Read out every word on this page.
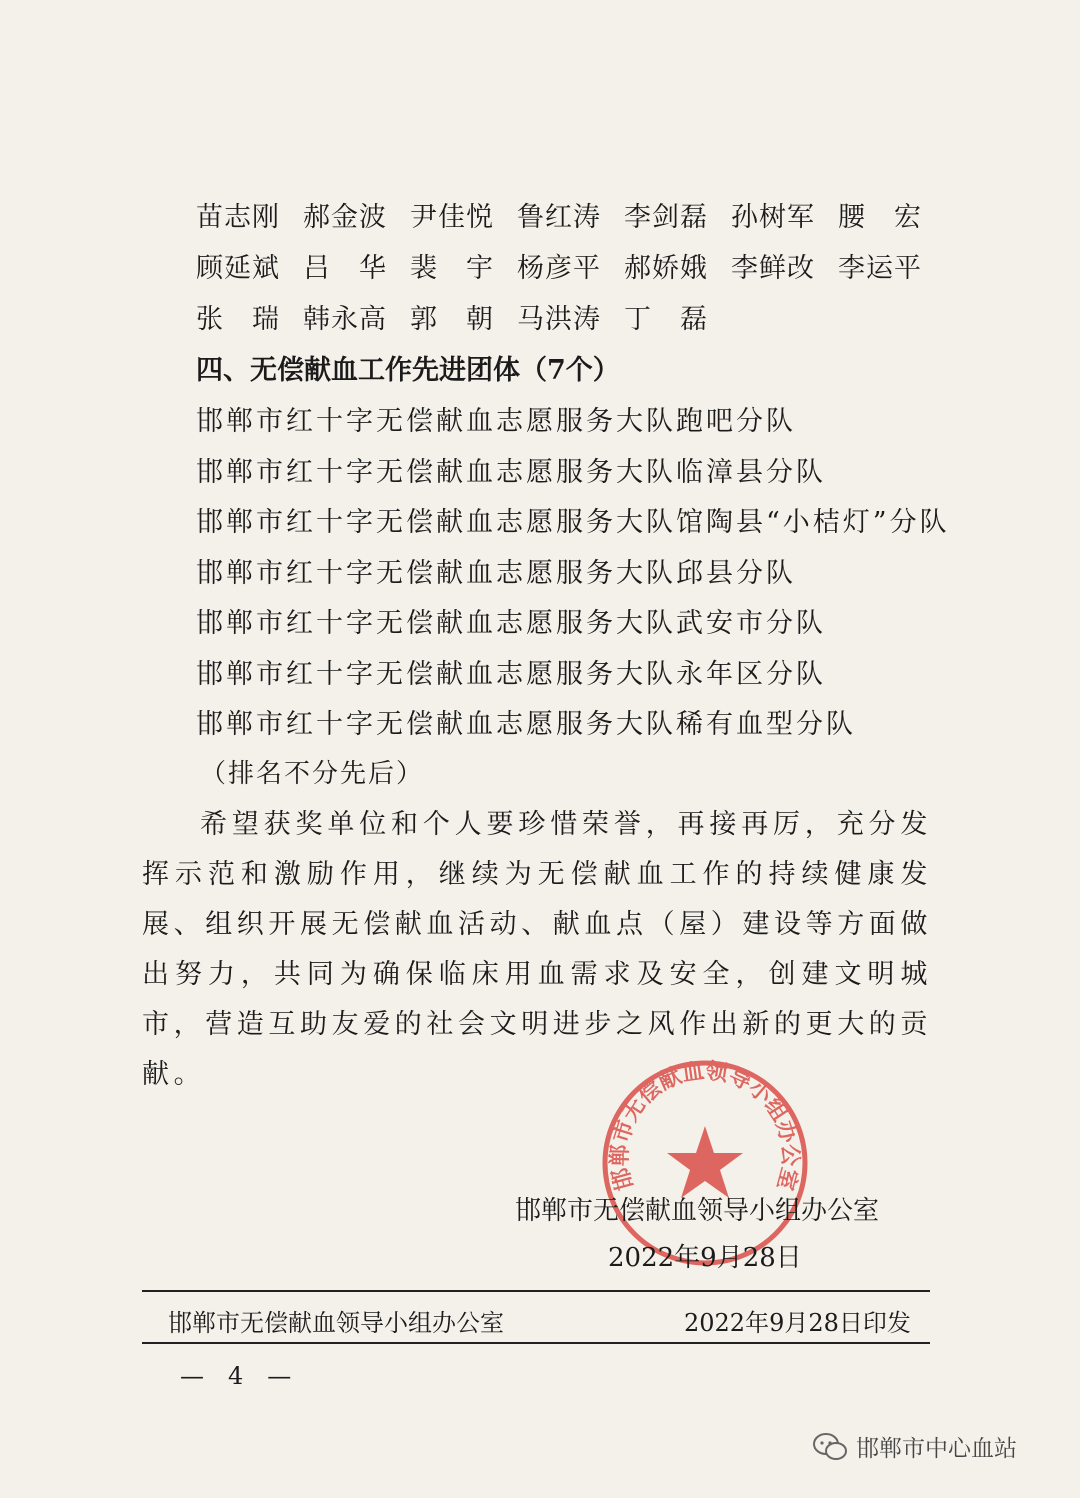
苗志刚 郝金波 尹佳悦 鲁红涛 李剑磊 孙树军 腰　宏
顾延斌 吕　华 裴　宇 杨彦平 郝娇娥 李鲜改 李运平
张　瑞 韩永高 郭　朝 马洪涛 丁　磊
四、无偿献血工作先进团体（7个）
邯郸市红十字无偿献血志愿服务大队跑吧分队
邯郸市红十字无偿献血志愿服务大队临漳县分队
邯郸市红十字无偿献血志愿服务大队馆陶县“小桔灯”分队
邯郸市红十字无偿献血志愿服务大队邱县分队
邯郸市红十字无偿献血志愿服务大队武安市分队
邯郸市红十字无偿献血志愿服务大队永年区分队
邯郸市红十字无偿献血志愿服务大队稀有血型分队
（排名不分先后）
希望获奖单位和个人要珍惜荣誉，再接再厉，充分发挥示范和激励作用，继续为无偿献血工作的持续健康发展、组织开展无偿献血活动、献血点（屋）建设等方面做出努力，共同为确保临床用血需求及安全，创建文明城市，营造互助友爱的社会文明进步之风作出新的更大的贡献。
邯郸市无偿献血领导小组办公室
邯郸市无偿献血领导小组办公室
2022年9月28日
邯郸市无偿献血领导小组办公室	2022年9月28日印发
—　4　—
邯郸市中心血站
